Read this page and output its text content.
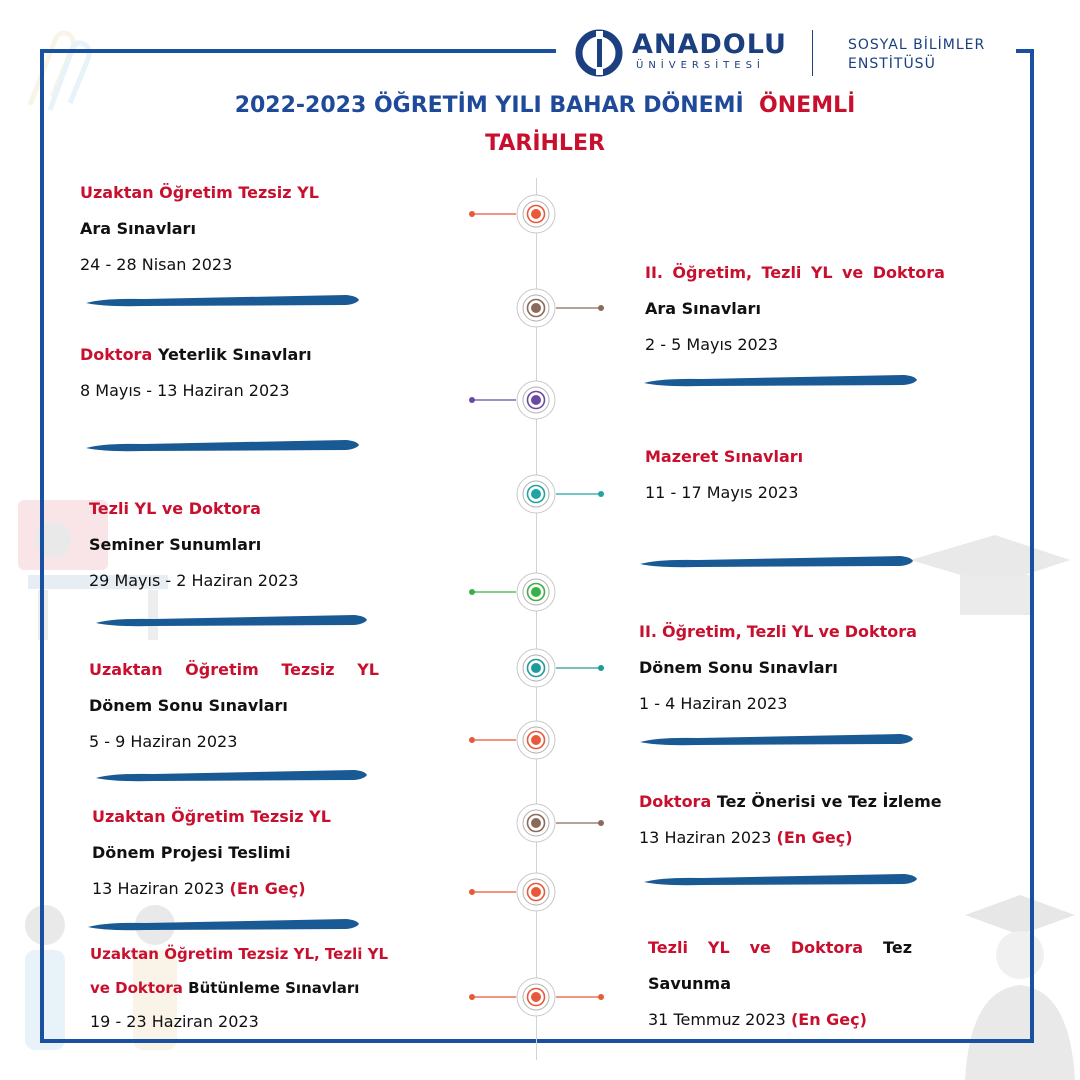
ANADOLU
ÜNİVERSİTESİ
SOSYAL BİLİMLER
ENSTİTÜSÜ
2022-2023 ÖĞRETİM YILI BAHAR DÖNEMİ ÖNEMLİ
TARİHLER
Uzaktan Öğretim Tezsiz YL
Ara Sınavları
24 - 28 Nisan 2023
Doktora Yeterlik Sınavları
8 Mayıs - 13 Haziran 2023
Tezli YL ve Doktora
Seminer Sunumları
29 Mayıs - 2 Haziran 2023
Uzaktan Öğretim Tezsiz YL
Dönem Sonu Sınavları
5 - 9 Haziran 2023
Uzaktan Öğretim Tezsiz YL
Dönem Projesi Teslimi
13 Haziran 2023 (En Geç)
Uzaktan Öğretim Tezsiz YL, Tezli YL
ve Doktora Bütünleme Sınavları
19 - 23 Haziran 2023
II. Öğretim, Tezli YL ve Doktora
Ara Sınavları
2 - 5 Mayıs 2023
Mazeret Sınavları
11 - 17 Mayıs 2023
II. Öğretim, Tezli YL ve Doktora
Dönem Sonu Sınavları
1 - 4 Haziran 2023
Doktora Tez Önerisi ve Tez İzleme
13 Haziran 2023 (En Geç)
Tezli YL ve Doktora Tez
Savunma
31 Temmuz 2023 (En Geç)
